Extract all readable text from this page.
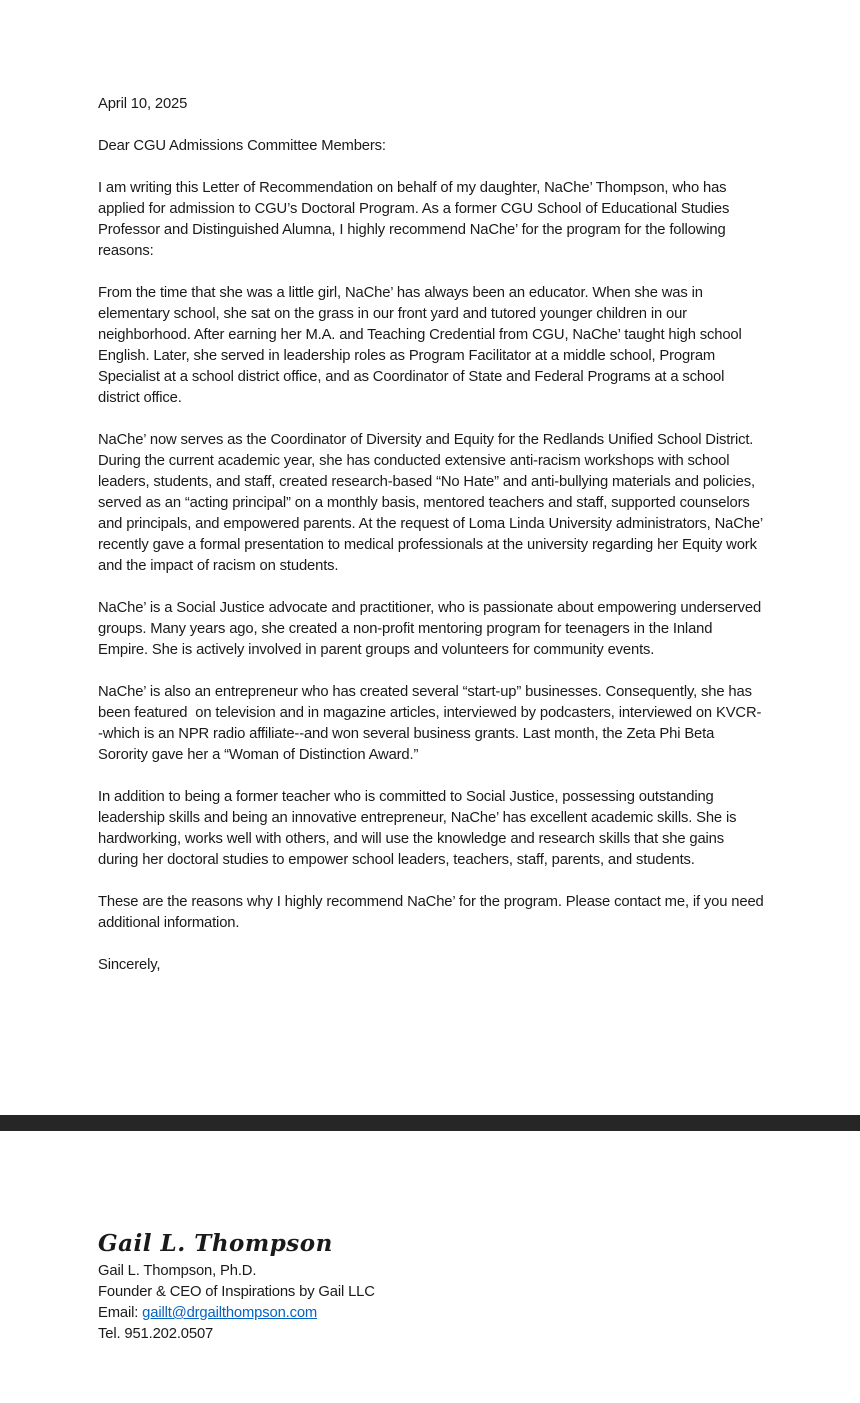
April 10, 2025

Dear CGU Admissions Committee Members:

I am writing this Letter of Recommendation on behalf of my daughter, NaChe’ Thompson, who has applied for admission to CGU’s Doctoral Program. As a former CGU School of Educational Studies Professor and Distinguished Alumna, I highly recommend NaChe’ for the program for the following reasons:

From the time that she was a little girl, NaChe’ has always been an educator. When she was in elementary school, she sat on the grass in our front yard and tutored younger children in our neighborhood. After earning her M.A. and Teaching Credential from CGU, NaChe’ taught high school English. Later, she served in leadership roles as Program Facilitator at a middle school, Program Specialist at a school district office, and as Coordinator of State and Federal Programs at a school district office.

NaChe’ now serves as the Coordinator of Diversity and Equity for the Redlands Unified School District. During the current academic year, she has conducted extensive anti-racism workshops with school leaders, students, and staff, created research-based “No Hate” and anti-bullying materials and policies, served as an “acting principal” on a monthly basis, mentored teachers and staff, supported counselors and principals, and empowered parents. At the request of Loma Linda University administrators, NaChe’ recently gave a formal presentation to medical professionals at the university regarding her Equity work and the impact of racism on students.

NaChe’ is a Social Justice advocate and practitioner, who is passionate about empowering underserved groups. Many years ago, she created a non-profit mentoring program for teenagers in the Inland Empire. She is actively involved in parent groups and volunteers for community events.

NaChe’ is also an entrepreneur who has created several “start-up” businesses. Consequently, she has been featured  on television and in magazine articles, interviewed by podcasters, interviewed on KVCR--which is an NPR radio affiliate--and won several business grants. Last month, the Zeta Phi Beta Sorority gave her a “Woman of Distinction Award.”

In addition to being a former teacher who is committed to Social Justice, possessing outstanding leadership skills and being an innovative entrepreneur, NaChe’ has excellent academic skills. She is hardworking, works well with others, and will use the knowledge and research skills that she gains during her doctoral studies to empower school leaders, teachers, staff, parents, and students.

These are the reasons why I highly recommend NaChe’ for the program. Please contact me, if you need additional information.

Sincerely,

Gail L. Thompson

Gail L. Thompson, Ph.D.

Founder & CEO of Inspirations by Gail LLC

Email: gaillt@drgailthompson.com

Tel. 951.202.0507
